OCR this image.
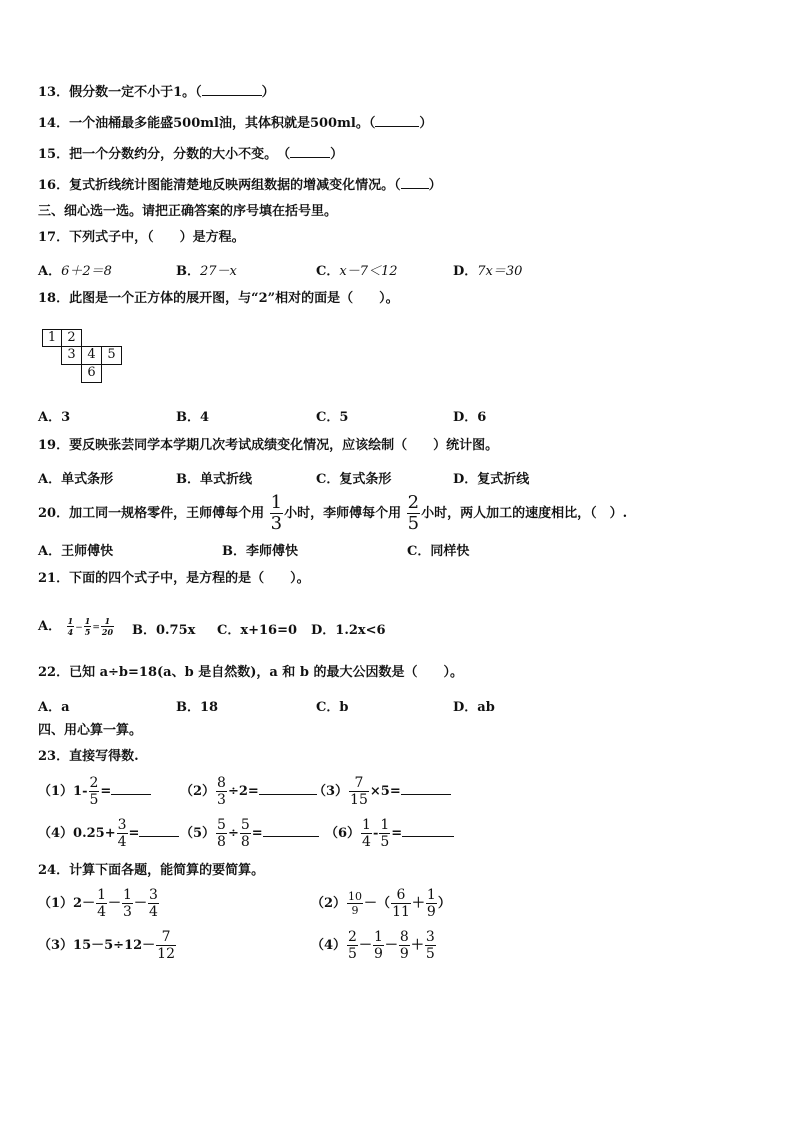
13．假分数一定不小于1。（	）
14．一个油桶最多能盛500ml油，其体积就是500ml。（	）
15．把一个分数约分，分数的大小不变。　（	）
16．复式折线统计图能清楚地反映两组数据的增减变化情况。（ ）
三、细心选一选。请把正确答案的序号填在括号里。
17．下列式子中，（　　）是方程。
A．6＋2＝8	B．27－x	C．x－7＜12	D．7x＝30
18．此图是一个正方体的展开图，与“2”相对的面是（　　）。
1 2
3 4 5
6
A．3	B．4	C．5	D．6
19．要反映张芸同学本学期几次考试成绩变化情况，应该绘制（　　）统计图。
A．单式条形	B．单式折线	C．复式条形	D．复式折线
20．加工同一规格零件，王师傅每个用 $\frac{1}{3}$ 小时，李师傅每个用 $\frac{2}{5}$ 小时，两人加工的速度相比，（　）.
A．王师傅快	B．李师傅快	C．同样快
21．下面的四个式子中，是方程的是（　　）。
A． $\frac{1}{4} - \frac{1}{5} = \frac{1}{20}$ B．0.75x C．x+16=0 D．1.2x<6
22．已知 a÷b=18(a、b 是自然数)，a 和 b 的最大公因数是（　　）。
A．a	B．18	C．b	D．ab
四、用心算一算。
23．直接写得数.
$(1)1- \frac{2}{5}$ =	$(2) \frac{8}{3} \div 2=$	$(3) \frac{7}{15} \times 5=$
$(4)0.25+ \frac{3}{4}$ =	$(5) \frac{5}{8} \div \frac{5}{8}$ =	$(6) \frac{1}{4} - \frac{1}{5}$ =
24．计算下面各题，能简算的要简算。
$(1)2- \frac{1}{4} - \frac{1}{3} - \frac{3}{4}$	$(2) \frac{10}{9}$ －（ $\frac{6}{11} + \frac{1}{9}$ ）
$(3)15-5\div 12- \frac{7}{12}$	$(4) \frac{2}{5} - \frac{1}{9} - \frac{8}{9} + \frac{3}{5}$
